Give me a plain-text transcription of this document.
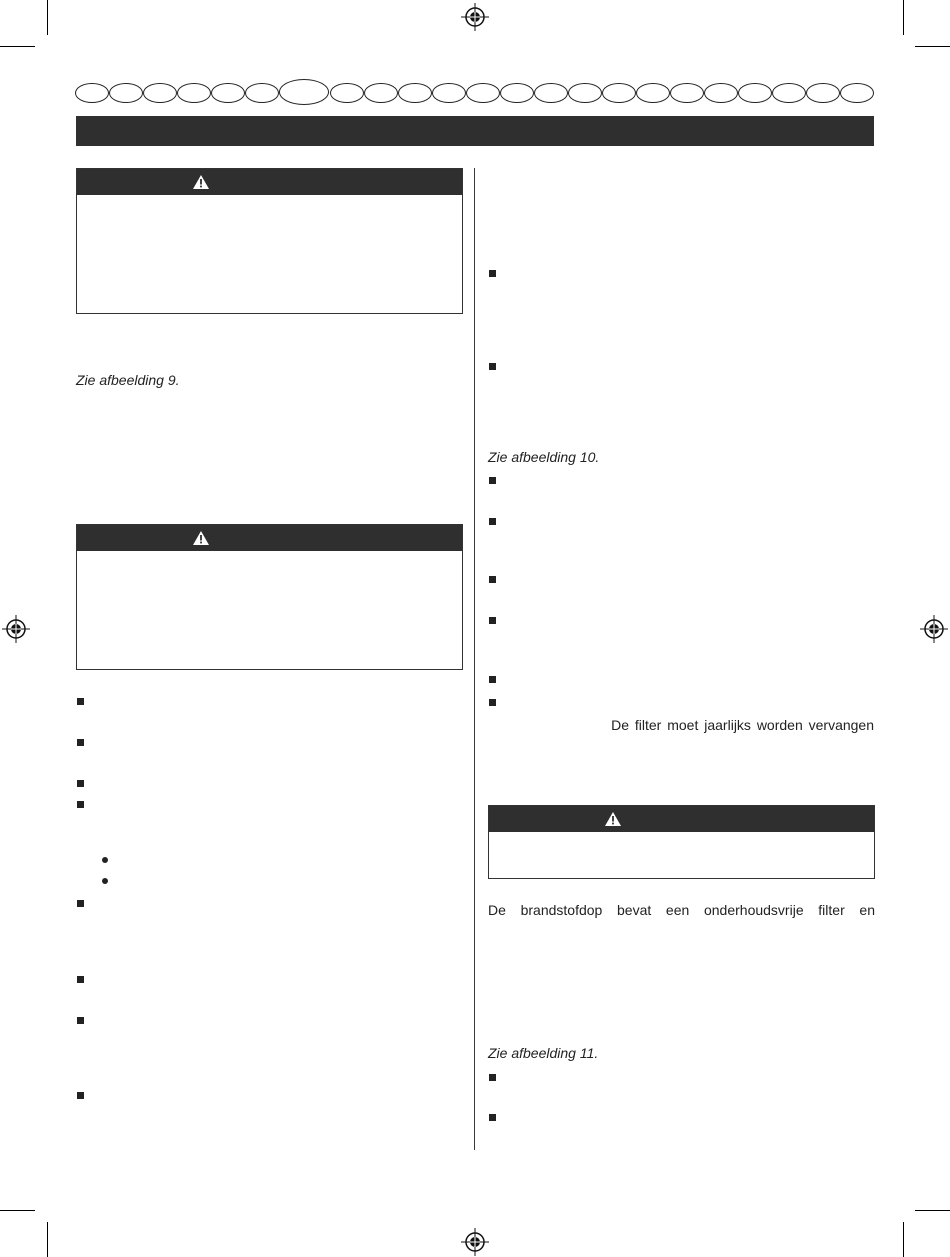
Zie afbeelding 9.
Zie afbeelding 10.
De filter moet jaarlijks worden vervangen
De brandstofdop bevat een onderhoudsvrije filter en
Zie afbeelding 11.
